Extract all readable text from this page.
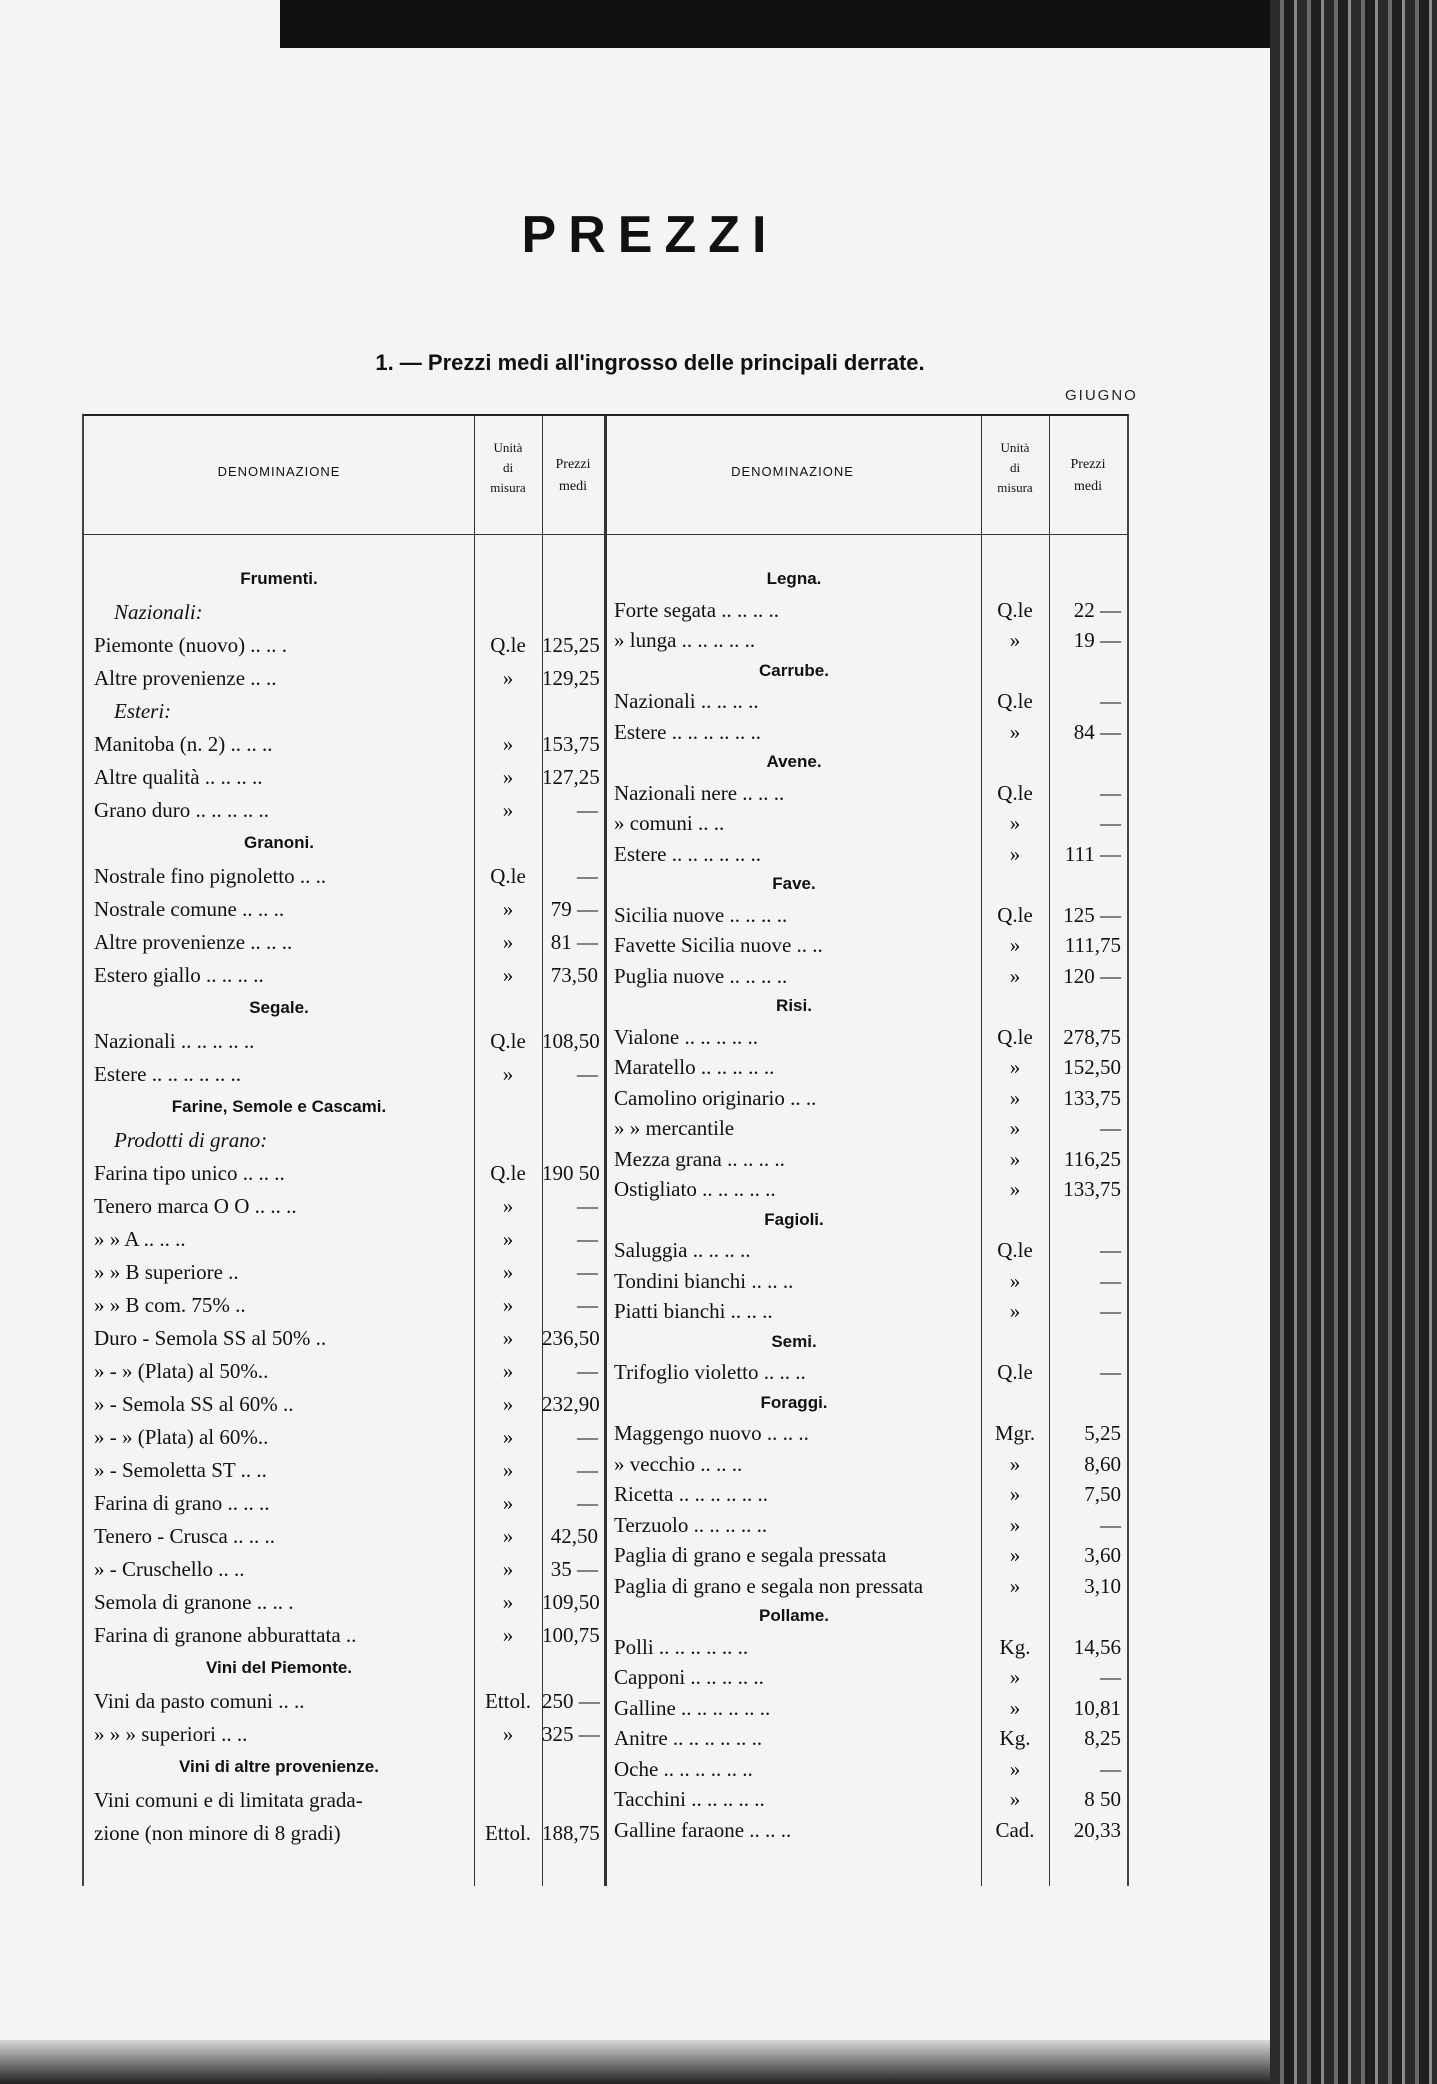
PREZZI
1. — Prezzi medi all'ingrosso delle principali derrate.
GIUGNO
DENOMINAZIONE
Unità
di
misura
Prezzi
medi
DENOMINAZIONE
Unità
di
misura
Prezzi
medi
Frumenti.
Nazionali:
Piemonte (nuovo) .. .. .	Q.le 125,25
Altre provenienze .. ..	»	129,25
Esteri:
Manitoba (n. 2) .. .. ..	»	153,75
Altre qualità .. .. .. ..	»	127,25
Grano duro .. .. .. .. ..	»	—
Granoni.
Nostrale fino pignoletto .. ..	Q.le	—
Nostrale comune .. .. ..	»	79 —
Altre provenienze .. .. ..	»	81 —
Estero giallo .. .. .. ..	»	73,50
Segale.
Nazionali .. .. .. .. ..	Q.le 108,50
Estere .. .. .. .. .. ..	»	—
Farine, Semole e Cascami.
Prodotti di grano:
Farina tipo unico .. .. ..	Q.le 190 50
Tenero marca O O .. .. ..	»	—
» » A .. .. ..	»	—
» » B superiore ..	»	—
» » B com. 75% ..	»	—
Duro - Semola SS al 50% ..	»	236,50
» - » (Plata) al 50%..	»	—
» - Semola SS al 60% ..	»	232,90
» - » (Plata) al 60%..	»	—
» - Semoletta ST .. ..	»	—
Farina di grano .. .. ..	»	—
Tenero - Crusca .. .. ..	»	42,50
» - Cruschello .. ..	»	35 —
Semola di granone .. .. .	»	109,50
Farina di granone abburattata ..	»	100,75
Vini del Piemonte.
Vini da pasto comuni .. ..	Ettol. 250 —
» » » superiori .. ..	»	325 —
Vini di altre provenienze.
Vini comuni e di limitata grada-
zione (non minore di 8 gradi)	Ettol. 188,75
Legna.
Forte segata .. .. .. ..	Q.le	22 —
» lunga .. .. .. .. ..	»	19 —
Carrube.
Nazionali .. .. .. ..	Q.le	—
Estere .. .. .. .. .. ..	»	84 —
Avene.
Nazionali nere .. .. ..	Q.le	—
» comuni .. ..	»	—
Estere .. .. .. .. .. ..	»	111 —
Fave.
Sicilia nuove .. .. .. ..	Q.le	125 —
Favette Sicilia nuove .. ..	»	111,75
Puglia nuove .. .. .. ..	»	120 —
Risi.
Vialone .. .. .. .. ..	Q.le	278,75
Maratello .. .. .. .. ..	»	152,50
Camolino originario .. ..	»	133,75
» » mercantile	»	—
Mezza grana .. .. .. ..	»	116,25
Ostigliato .. .. .. .. ..	»	133,75
Fagioli.
Saluggia .. .. .. ..	Q.le	—
Tondini bianchi .. .. ..	»	—
Piatti bianchi .. .. ..	»	—
Semi.
Trifoglio violetto .. .. ..	Q.le	—
Foraggi.
Maggengo nuovo .. .. ..	Mgr.	5,25
» vecchio .. .. ..	»	8,60
Ricetta .. .. .. .. .. ..	»	7,50
Terzuolo .. .. .. .. ..	»	—
Paglia di grano e segala pressata	»	3,60
Paglia di grano e segala non pressata	»	3,10
Pollame.
Polli .. .. .. .. .. ..	Kg.	14,56
Capponi .. .. .. .. ..	»	—
Galline .. .. .. .. .. ..	»	10,81
Anitre .. .. .. .. .. ..	Kg.	8,25
Oche .. .. .. .. .. ..	»	—
Tacchini .. .. .. .. ..	»	8 50
Galline faraone .. .. ..	Cad.	20,33
